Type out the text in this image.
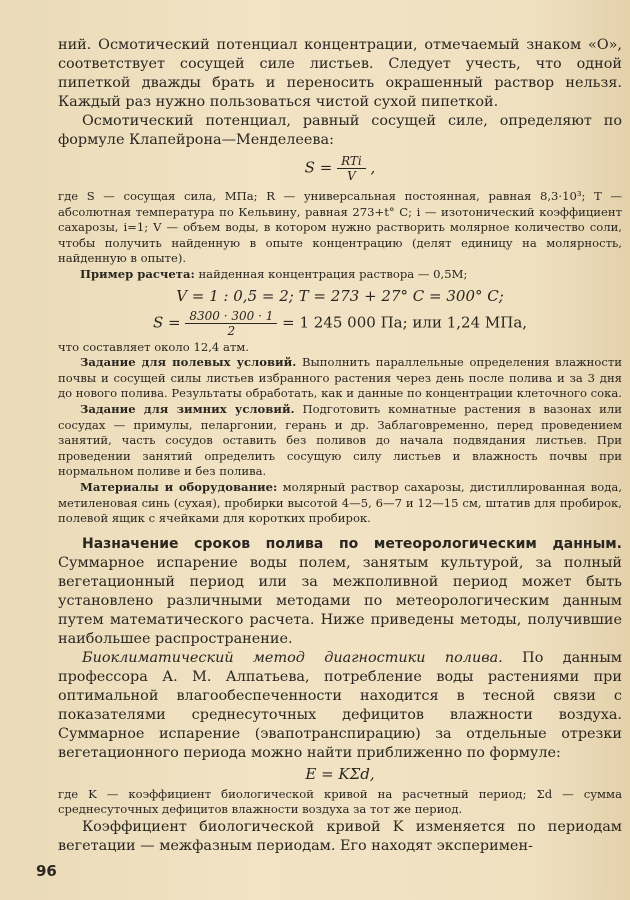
ний. Осмотический потенциал концентрации, отмечаемый знаком «О», соответствует сосущей силе листьев. Следует учесть, что одной пипеткой дважды брать и переносить окрашенный раствор нельзя. Каждый раз нужно пользоваться чистой сухой пипеткой.

Осмотический потенциал, равный сосущей силе, определяют по формуле Клапейрона—Менделеева:

$S = \frac{\text{RTi}}{V}$ ,

где S — сосущая сила, МПа; R — универсальная постоянная, равная 8,3·10³; T — абсолютная температура по Кельвину, равная 273+t° C; i — изотонический коэффициент сахарозы, i=1; V — объем воды, в котором нужно растворить молярное количество соли, чтобы получить найденную в опыте концентрацию (делят единицу на молярность, найденную в опыте).

Пример расчета: найденная концентрация раствора — 0,5М;

V = 1 : 0,5 = 2; T = 273 + 27° C = 300° C;

$S = \frac{8300 \cdot 300 \cdot 1}{2} = 1$ 245 000 Па; или 1,24 МПа,

что составляет около 12,4 атм.

Задание для полевых условий. Выполнить параллельные определения влажности почвы и сосущей силы листьев избранного растения через день после полива и за 3 дня до нового полива. Результаты обработать, как и данные по концентрации клеточного сока.

Задание для зимних условий. Подготовить комнатные растения в вазонах или сосудах — примулы, пеларгонии, герань и др. Заблаговременно, перед проведением занятий, часть сосудов оставить без поливов до начала подвядания листьев. При проведении занятий определить сосущую силу листьев и влажность почвы при нормальном поливе и без полива.

Материалы и оборудование: молярный раствор сахарозы, дистиллированная вода, метиленовая синь (сухая), пробирки высотой 4—5, 6—7 и 12—15 см, штатив для пробирок, полевой ящик с ячейками для коротких пробирок.

Назначение сроков полива по метеорологическим данным. Суммарное испарение воды полем, занятым культурой, за полный вегетационный период или за межполивной период может быть установлено различными методами по метеорологическим данным путем математического расчета. Ниже приведены методы, получившие наибольшее распространение.

Биоклиматический метод диагностики полива. По данным профессора А. М. Алпатьева, потребление воды растениями при оптимальной влагообеспеченности находится в тесной связи с показателями среднесуточных дефицитов влажности воздуха. Суммарное испарение (эвапотранспирацию) за отдельные отрезки вегетационного периода можно найти приближенно по формуле:

E = KΣd,

где K — коэффициент биологической кривой на расчетный период; Σd — сумма среднесуточных дефицитов влажности воздуха за тот же период.

Коэффициент биологической кривой K изменяется по периодам вегетации — межфазным периодам. Его находят эксперимен-

96
